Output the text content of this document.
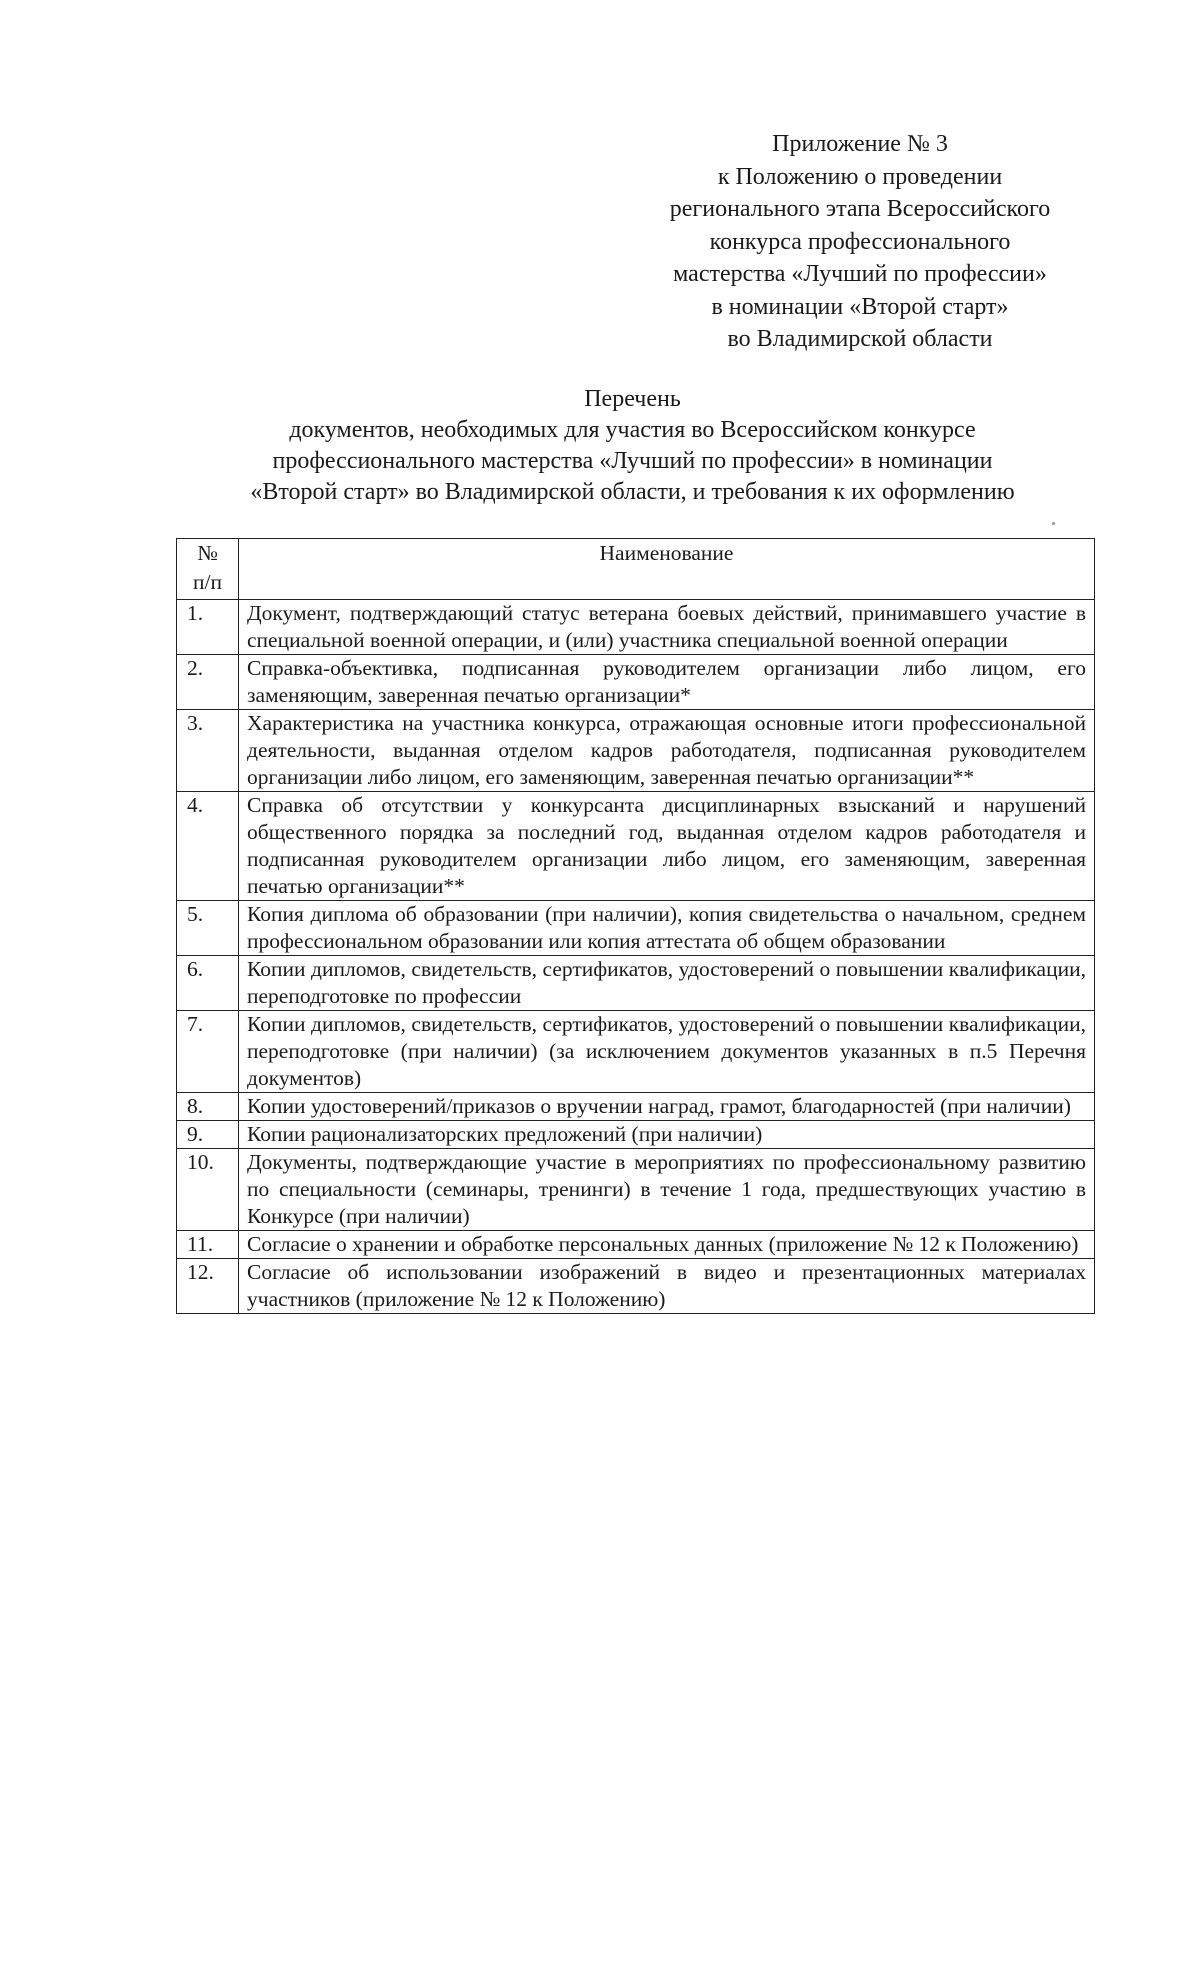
Приложение № 3
к Положению о проведении
регионального этапа Всероссийского
конкурса профессионального
мастерства «Лучший по профессии»
в номинации «Второй старт»
во Владимирской области
Перечень
документов, необходимых для участия во Всероссийском конкурсе
профессионального мастерства «Лучший по профессии» в номинации
«Второй старт» во Владимирской области, и требования к их оформлению
№
п/п	Наименование
1.	Документ, подтверждающий статус ветерана боевых действий, принимавшего участие в специальной военной операции, и (или) участника специальной военной операции
2.	Справка-объективка, подписанная руководителем организации либо лицом, его заменяющим, заверенная печатью организации*
3.	Характеристика на участника конкурса, отражающая основные итоги профессиональной деятельности, выданная отделом кадров работодателя, подписанная руководителем организации либо лицом, его заменяющим, заверенная печатью организации**
4.	Справка об отсутствии у конкурсанта дисциплинарных взысканий и нарушений общественного порядка за последний год, выданная отделом кадров работодателя и подписанная руководителем организации либо лицом, его заменяющим, заверенная печатью организации**
5.	Копия диплома об образовании (при наличии), копия свидетельства о начальном, среднем профессиональном образовании или копия аттестата об общем образовании
6.	Копии дипломов, свидетельств, сертификатов, удостоверений о повышении квалификации, переподготовке по профессии
7.	Копии дипломов, свидетельств, сертификатов, удостоверений о повышении квалификации, переподготовке (при наличии) (за исключением документов указанных в п.5 Перечня документов)
8.	Копии удостоверений/приказов о вручении наград, грамот, благодарностей (при наличии)
9.	Копии рационализаторских предложений (при наличии)
10.	Документы, подтверждающие участие в мероприятиях по профессиональному развитию по специальности (семинары, тренинги) в течение 1 года, предшествующих участию в Конкурсе (при наличии)
11.	Согласие о хранении и обработке персональных данных (приложение № 12 к Положению)
12.	Согласие об использовании изображений в видео и презентационных материалах участников (приложение № 12 к Положению)
